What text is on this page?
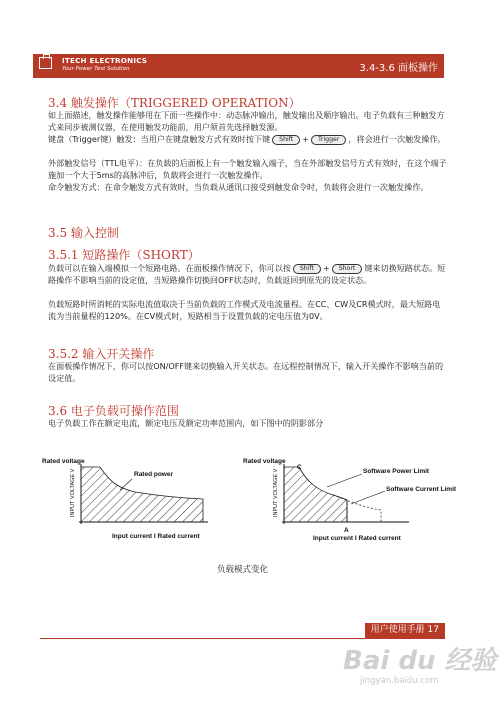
ITECH ELECTRONICS
Your Power Test Solution	3.4-3.6 面板操作
3.4 触发操作（TRIGGERED OPERATION）

如上面描述，触发操作能够用在下面一些操作中：动态脉冲输出，触发输出及顺序输出。电子负载有三种触发方式来同步被测仪器，在使用触发功能前，用户须首先选择触发源。

键盘（Trigger键）触发：当用户在键盘触发方式有效时按下键 Shift + Trigger ，将会进行一次触发操作。

外部触发信号（TTL电平）：在负载的后面板上有一个触发输入端子，当在外部触发信号方式有效时，在这个端子施加一个大于5ms的高脉冲后，负载将会进行一次触发操作。

命令触发方式：在命令触发方式有效时，当负载从通讯口接受到触发命令时，负载将会进行一次触发操作。

3.5 输入控制
3.5.1 短路操作（SHORT）

负载可以在输入端模拟一个短路电路。在面板操作情况下，你可以按 Shift + Short 键来切换短路状态。短路操作不影响当前的设定值，当短路操作切换回OFF状态时，负载返回到原先的设定状态。

负载短路时所消耗的实际电流值取决于当前负载的工作模式及电流量程。在CC、CW及CR模式时，最大短路电流为当前量程的120%。在CV模式时，短路相当于设置负载的定电压值为0V。

3.5.2 输入开关操作

在面板操作情况下，你可以按ON/OFF键来切换输入开关状态。在远程控制情况下，输入开关操作不影响当前的设定值。

3.6 电子负载可操作范围

电子负载工作在额定电流，额定电压及额定功率范围内，如下图中的阴影部分

Rated voltage
INPUT VOLTAGE V	Rated power
Input current I Rated current
Rated voltage
INPUT VOLTAGE V
C
A
Software Power Limit
Software Current Limit
Input current I Rated current
负载模式变化
用户使用手册 17
Bai du 经验
jingyan.baidu.com
